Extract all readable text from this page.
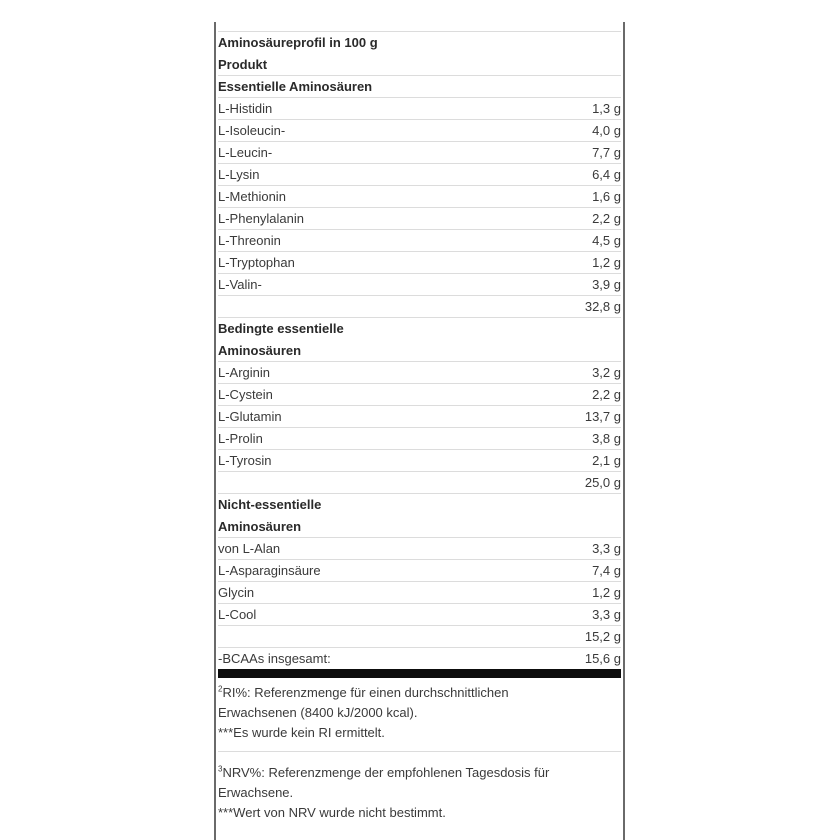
Aminosäureprofil in 100 g
Produkt
Essentielle Aminosäuren
L-Histidin	1,3 g
L-Isoleucin-	4,0 g
L-Leucin-	7,7 g
L-Lysin	6,4 g
L-Methionin	1,6 g
L-Phenylalanin	2,2 g
L-Threonin	4,5 g
L-Tryptophan	1,2 g
L-Valin-	3,9 g
32,8 g
Bedingte essentielle
Aminosäuren
L-Arginin	3,2 g
L-Cystein	2,2 g
L-Glutamin	13,7 g
L-Prolin	3,8 g
L-Tyrosin	2,1 g
25,0 g
Nicht-essentielle
Aminosäuren
von L-Alan	3,3 g
L-Asparaginsäure	7,4 g
Glycin	1,2 g
L-Cool	3,3 g
15,2 g
-BCAAs insgesamt:	15,6 g
$^2$RI%: Referenzmenge für einen durchschnittlichen
Erwachsenen (8400 kJ/2000 kcal).
***Es wurde kein RI ermittelt.
$^3$NRV%: Referenzmenge der empfohlenen Tagesdosis für
Erwachsene.
***Wert von NRV wurde nicht bestimmt.
